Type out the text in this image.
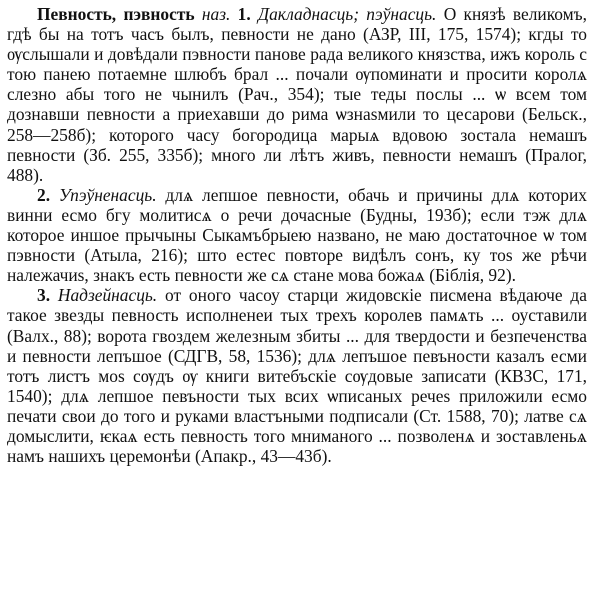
Певность, пэвность наз. 1. Дакладнасць; пэўнасць. О князѣ великомъ, гдѣ бы на тотъ часъ былъ, певности не дано (АЗР, III, 175, 1574); кгды то ѹслышали и довѣдали пэвности панове рада великого князства, ижъ король с тою панею потаемне шлюбъ брал ... почали ѹпоминати и просити королѧ слезно абы того не чынилъ (Рач., 354); тые теды послы ... ѡ всем том дознавши певности а приехавши до рима ѡзнаѕмили то цесарови (Бельск., 258—258б); которого часу богородица марыѧ вдовою зостала немашъ певности (Зб. 255, 335б); много ли лѣтъ живъ, певности немашъ (Пралог, 488).

2. Упэўненасць. длѧ лепшое певности, обачь и причины длѧ которих винни есмо бгу молитисѧ о речи дочасные (Будны, 193б); если тэж длѧ которое иншое прычыны Сыкамъбрыею названо, не маю достаточное ѡ том пэвности (Атыла, 216); што естес повторе видѣлъ сонъ, ку тоѕ же рѣчи належачиѕ, знакъ есть певности же сѧ стане мова божаѧ (Біблія, 92).

3. Надзейнасць. от оного часоу старци жидовскіе писмена вѣдаюче да такое звезды певность исполненеи тых трехъ королев памѧть ... оуставили (Валх., 88); ворота гвоздем железным збиты ... для твердости и безпеченства и певности лепъшое (СДГВ, 58, 1536); длѧ лепъшое певъности казалъ есми тотъ листъ моѕ сѹдъ ѹ книги витебъскіе сѹдовые записати (КВЗС, 171, 1540); длѧ лепшое певъности тых всих ѡписаных речеѕ приложили есмо печати свои до того и руками властъными подписали (Ст. 1588, 70); латве сѧ домыслити, ѥкаѧ есть певность того мниманого ... позволенѧ и зоставленьѧ намъ нашихъ церемонѣи (Апакр., 43—43б).
